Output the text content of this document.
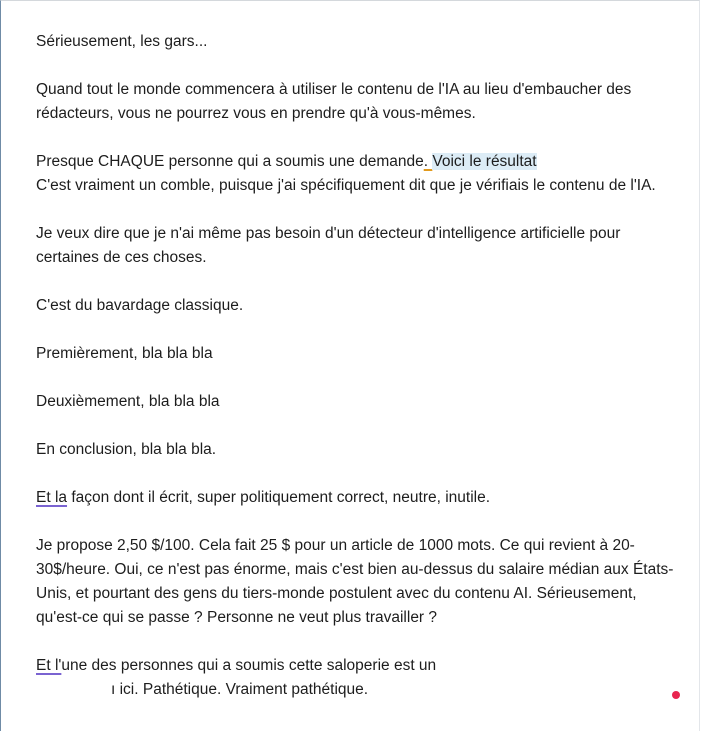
Sérieusement, les gars...

Quand tout le monde commencera à utiliser le contenu de l'IA au lieu d'embaucher des rédacteurs, vous ne pourrez vous en prendre qu'à vous-mêmes.

Presque CHAQUE personne qui a soumis une demande. Voici le résultat
C'est vraiment un comble, puisque j'ai spécifiquement dit que je vérifiais le contenu de l'IA.

Je veux dire que je n'ai même pas besoin d'un détecteur d'intelligence artificielle pour certaines de ces choses.

C'est du bavardage classique.

Premièrement, bla bla bla

Deuxièmement, bla bla bla

En conclusion, bla bla bla.

Et la façon dont il écrit, super politiquement correct, neutre, inutile.

Je propose 2,50 $/100. Cela fait 25 $ pour un article de 1000 mots. Ce qui revient à 20-30$/heure. Oui, ce n'est pas énorme, mais c'est bien au-dessus du salaire médian aux États-Unis, et pourtant des gens du tiers-monde postulent avec du contenu AI. Sérieusement, qu'est-ce qui se passe ? Personne ne veut plus travailler ?

Et l'une des personnes qui a soumis cette saloperie est un
ı ici. Pathétique. Vraiment pathétique.
